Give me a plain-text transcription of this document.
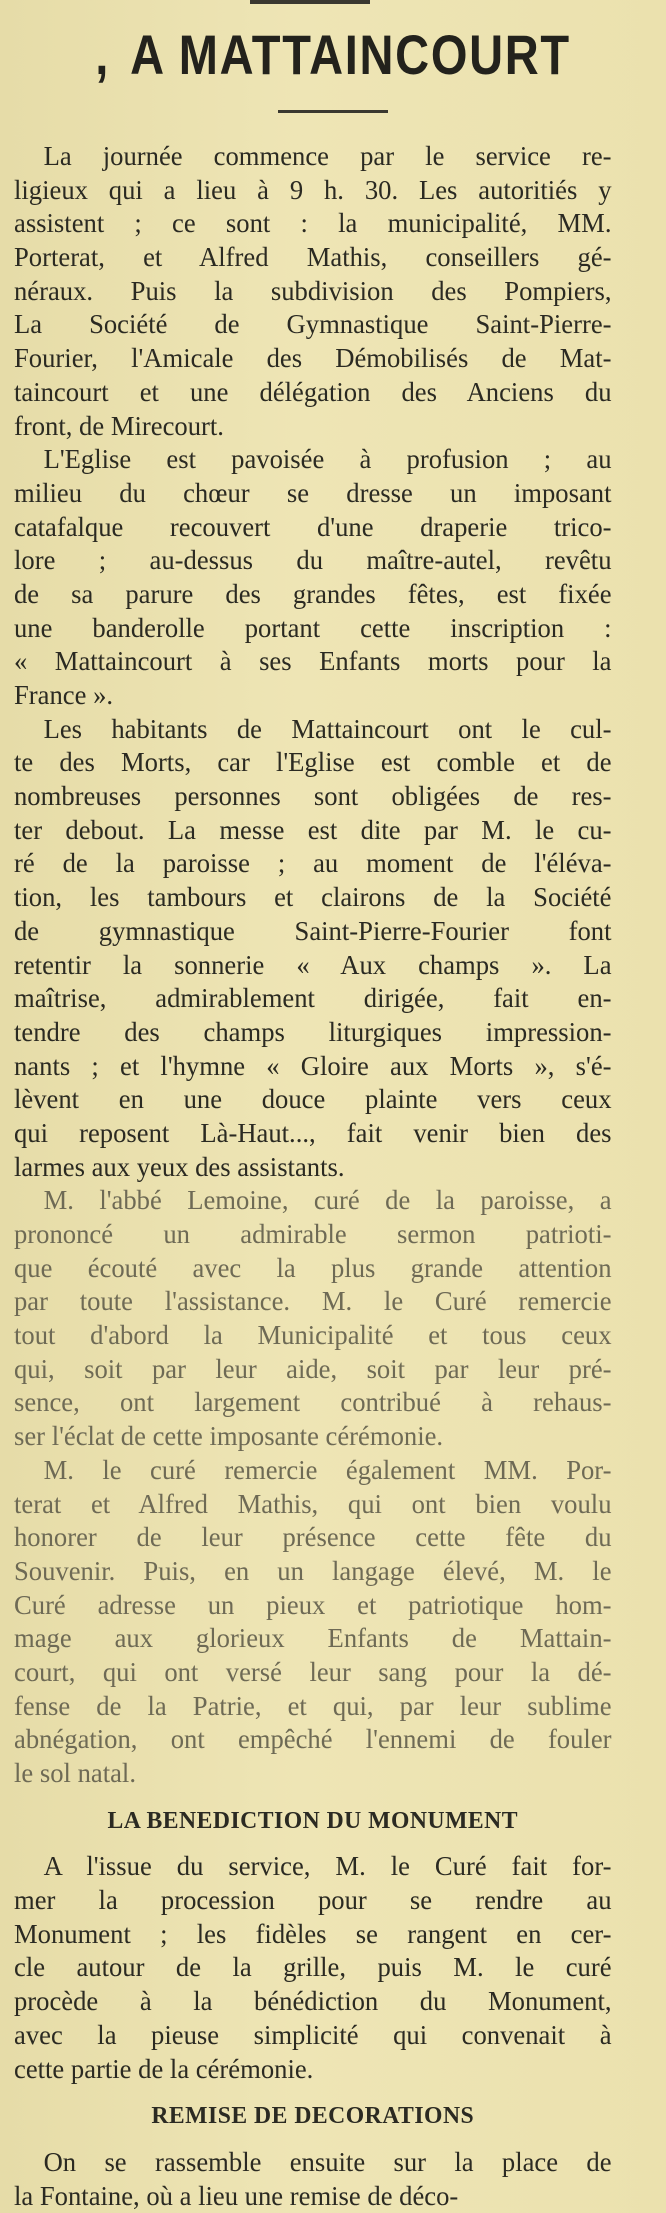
, A MATTAINCOURT
La journée commence par le service re-
ligieux qui a lieu à 9 h. 30. Les autoritiés y
assistent ; ce sont : la municipalité, MM.
Porterat, et Alfred Mathis, conseillers gé-
néraux. Puis la subdivision des Pompiers,
La Société de Gymnastique Saint-Pierre-
Fourier, l'Amicale des Démobilisés de Mat-
taincourt et une délégation des Anciens du
front, de Mirecourt.
L'Eglise est pavoisée à profusion ; au
milieu du chœur se dresse un imposant
catafalque recouvert d'une draperie trico-
lore ; au-dessus du maître-autel, revêtu
de sa parure des grandes fêtes, est fixée
une banderolle portant cette inscription :
« Mattaincourt à ses Enfants morts pour la
France ».
Les habitants de Mattaincourt ont le cul-
te des Morts, car l'Eglise est comble et de
nombreuses personnes sont obligées de res-
ter debout. La messe est dite par M. le cu-
ré de la paroisse ; au moment de l'éléva-
tion, les tambours et clairons de la Société
de gymnastique Saint-Pierre-Fourier font
retentir la sonnerie « Aux champs ». La
maîtrise, admirablement dirigée, fait en-
tendre des champs liturgiques impression-
nants ; et l'hymne « Gloire aux Morts », s'é-
lèvent en une douce plainte vers ceux
qui reposent Là-Haut..., fait venir bien des
larmes aux yeux des assistants.
M. l'abbé Lemoine, curé de la paroisse, a
prononcé un admirable sermon patrioti-
que écouté avec la plus grande attention
par toute l'assistance. M. le Curé remercie
tout d'abord la Municipalité et tous ceux
qui, soit par leur aide, soit par leur pré-
sence, ont largement contribué à rehaus-
ser l'éclat de cette imposante cérémonie.
M. le curé remercie également MM. Por-
terat et Alfred Mathis, qui ont bien voulu
honorer de leur présence cette fête du
Souvenir. Puis, en un langage élevé, M. le
Curé adresse un pieux et patriotique hom-
mage aux glorieux Enfants de Mattain-
court, qui ont versé leur sang pour la dé-
fense de la Patrie, et qui, par leur sublime
abnégation, ont empêché l'ennemi de fouler
le sol natal.
LA BENEDICTION DU MONUMENT
A l'issue du service, M. le Curé fait for-
mer la procession pour se rendre au
Monument ; les fidèles se rangent en cer-
cle autour de la grille, puis M. le curé
procède à la bénédiction du Monument,
avec la pieuse simplicité qui convenait à
cette partie de la cérémonie.
REMISE DE DECORATIONS
On se rassemble ensuite sur la place de
la Fontaine, où a lieu une remise de déco-
